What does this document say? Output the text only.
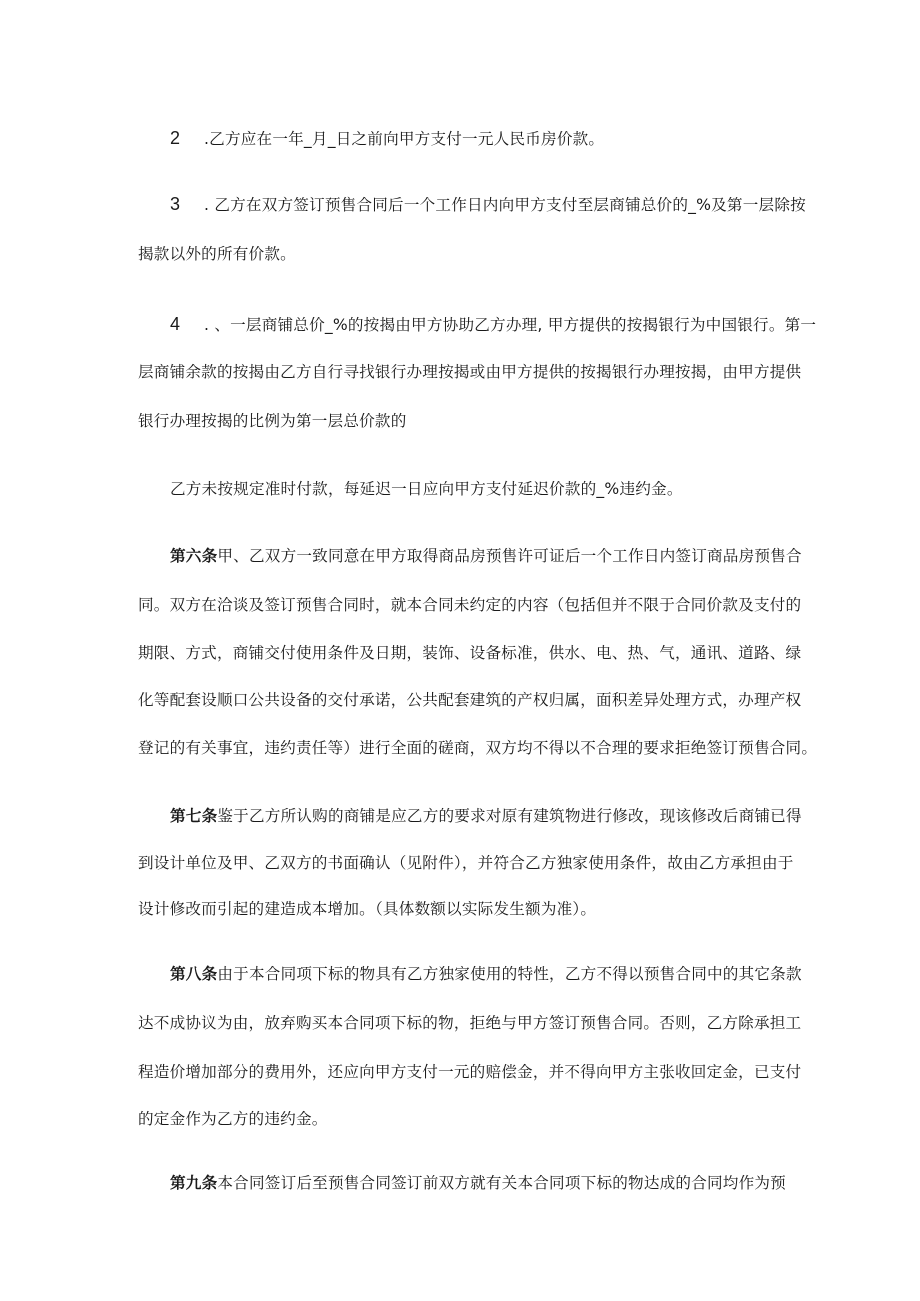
2 .乙方应在一年_月_日之前向甲方支付一元人民币房价款。
3 . 乙方在双方签订预售合同后一个工作日内向甲方支付至层商铺总价的_%及第一层除按
揭款以外的所有价款。
4 . 、一层商铺总价_%的按揭由甲方协助乙方办理, 甲方提供的按揭银行为中国银行。第一
层商铺余款的按揭由乙方自行寻找银行办理按揭或由甲方提供的按揭银行办理按揭，由甲方提供
银行办理按揭的比例为第一层总价款的
乙方未按规定准时付款，每延迟一日应向甲方支付延迟价款的_%违约金。
第六条甲、乙双方一致同意在甲方取得商品房预售许可证后一个工作日内签订商品房预售合
同。双方在洽谈及签订预售合同时，就本合同未约定的内容（包括但并不限于合同价款及支付的
期限、方式，商铺交付使用条件及日期，装饰、设备标准，供水、电、热、气，通讯、道路、绿
化等配套设顺口公共设备的交付承诺，公共配套建筑的产权归属，面积差异处理方式，办理产权
登记的有关事宜，违约责任等）进行全面的磋商，双方均不得以不合理的要求拒绝签订预售合同。
第七条鉴于乙方所认购的商铺是应乙方的要求对原有建筑物进行修改，现该修改后商铺已得
到设计单位及甲、乙双方的书面确认（见附件），并符合乙方独家使用条件，故由乙方承担由于
设计修改而引起的建造成本增加。（具体数额以实际发生额为准）。
第八条由于本合同项下标的物具有乙方独家使用的特性，乙方不得以预售合同中的其它条款
达不成协议为由，放弃购买本合同项下标的物，拒绝与甲方签订预售合同。否则，乙方除承担工
程造价增加部分的费用外，还应向甲方支付一元的赔偿金，并不得向甲方主张收回定金，已支付
的定金作为乙方的违约金。
第九条本合同签订后至预售合同签订前双方就有关本合同项下标的物达成的合同均作为预
